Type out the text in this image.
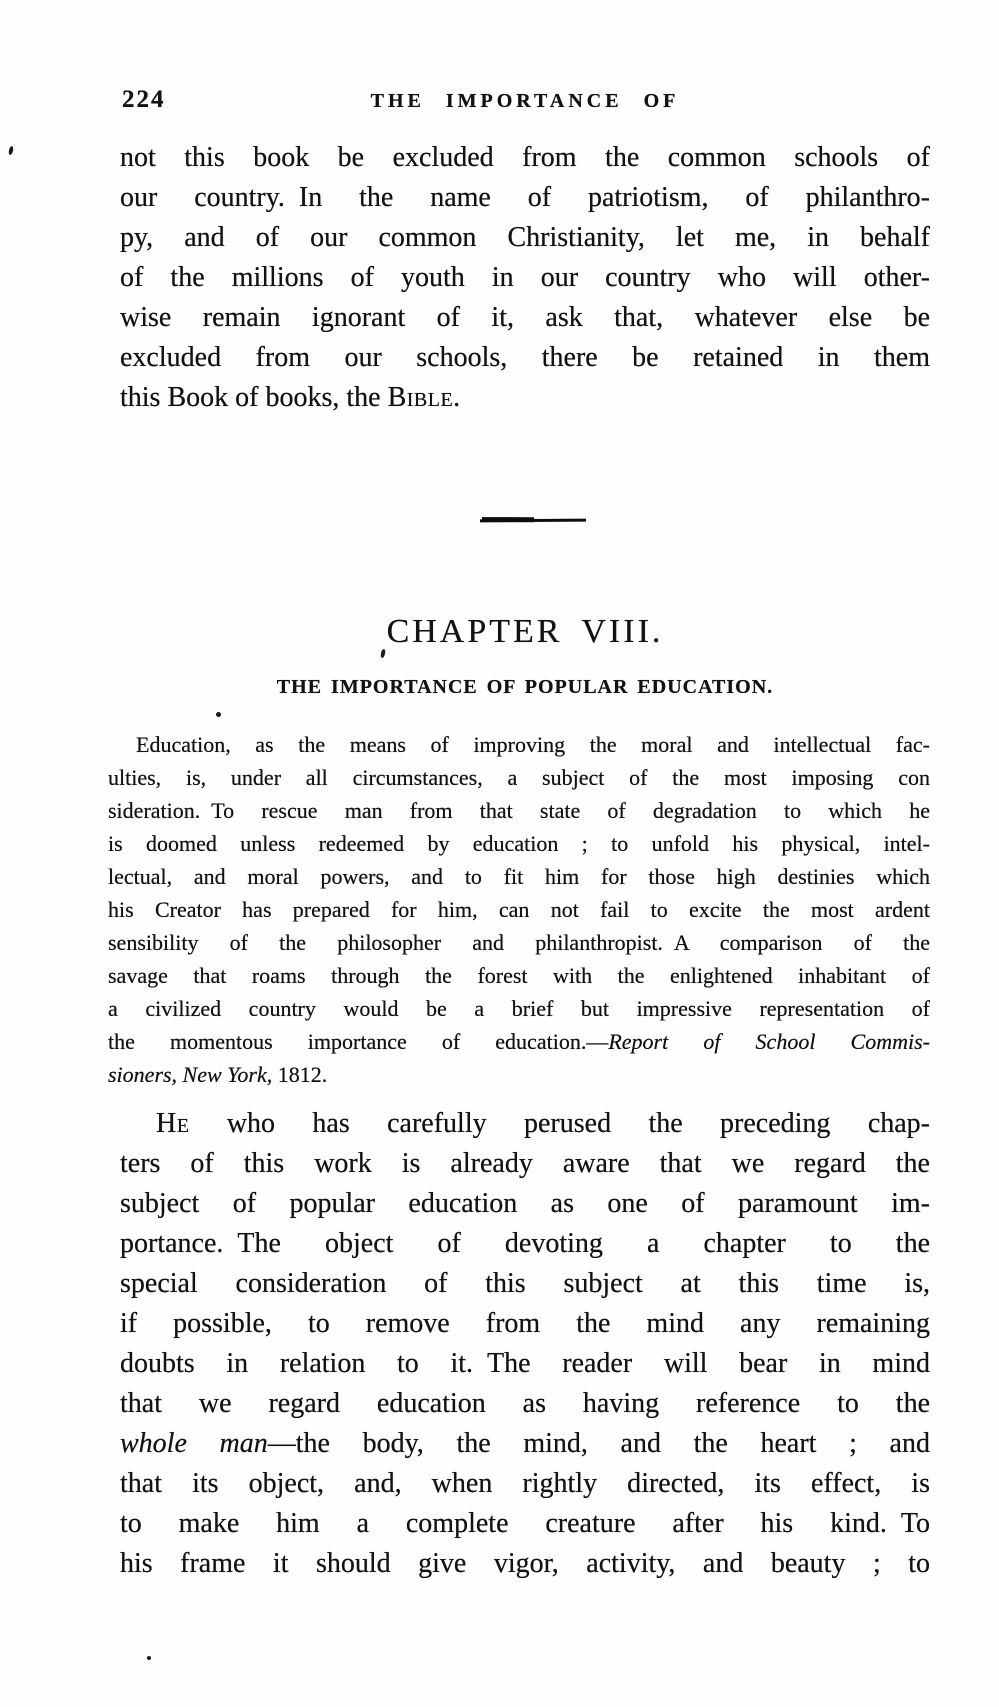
224	THE IMPORTANCE OF
not this book be excluded from the common schools of
our country. In the name of patriotism, of philanthro-
py, and of our common Christianity, let me, in behalf
of the millions of youth in our country who will other-
wise remain ignorant of it, ask that, whatever else be
excluded from our schools, there be retained in them
this Book of books, the Bible.
CHAPTER VIII.
THE IMPORTANCE OF POPULAR EDUCATION.
Education, as the means of improving the moral and intellectual fac-
ulties, is, under all circumstances, a subject of the most imposing con
sideration. To rescue man from that state of degradation to which he
is doomed unless redeemed by education ; to unfold his physical, intel-
lectual, and moral powers, and to fit him for those high destinies which
his Creator has prepared for him, can not fail to excite the most ardent
sensibility of the philosopher and philanthropist. A comparison of the
savage that roams through the forest with the enlightened inhabitant of
a civilized country would be a brief but impressive representation of
the momentous importance of education.—Report of School Commis-
sioners, New York, 1812.
He who has carefully perused the preceding chap-
ters of this work is already aware that we regard the
subject of popular education as one of paramount im-
portance. The object of devoting a chapter to the
special consideration of this subject at this time is,
if possible, to remove from the mind any remaining
doubts in relation to it. The reader will bear in mind
that we regard education as having reference to the
whole man—the body, the mind, and the heart ; and
that its object, and, when rightly directed, its effect, is
to make him a complete creature after his kind. To
his frame it should give vigor, activity, and beauty ; to
